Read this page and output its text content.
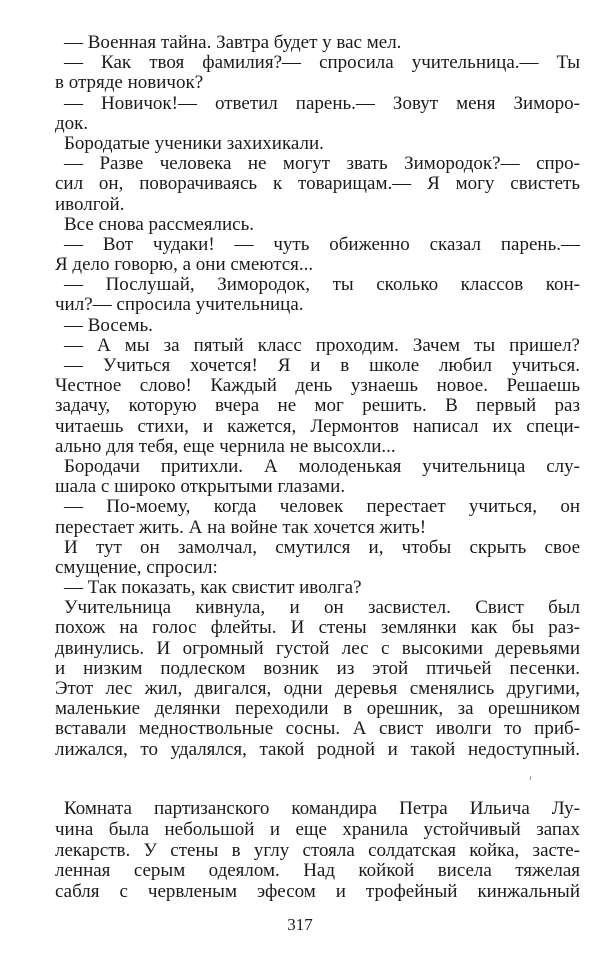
— Военная тайна. Завтра будет у вас мел.
— Как твоя фамилия?— спросила учительница.— Ты
в отряде новичок?
— Новичок!— ответил парень.— Зовут меня Зиморо-
док.
Бородатые ученики захихикали.
— Разве человека не могут звать Зимородок?— спро-
сил он, поворачиваясь к товарищам.— Я могу свистеть
иволгой.
Все снова рассмеялись.
— Вот чудаки! — чуть обиженно сказал парень.—
Я дело говорю, а они смеются...
— Послушай, Зимородок, ты сколько классов кон-
чил?— спросила учительница.
— Восемь.
— А мы за пятый класс проходим. Зачем ты пришел?
— Учиться хочется! Я и в школе любил учиться.
Честное слово! Каждый день узнаешь новое. Решаешь
задачу, которую вчера не мог решить. В первый раз
читаешь стихи, и кажется, Лермонтов написал их специ-
ально для тебя, еще чернила не высохли...
Бородачи притихли. А молоденькая учительница слу-
шала с широко открытыми глазами.
— По-моему, когда человек перестает учиться, он
перестает жить. А на войне так хочется жить!
И тут он замолчал, смутился и, чтобы скрыть свое
смущение, спросил:
— Так показать, как свистит иволга?
Учительница кивнула, и он засвистел. Свист был
похож на голос флейты. И стены землянки как бы раз-
двинулись. И огромный густой лес с высокими деревьями
и низким подлеском возник из этой птичьей песенки.
Этот лес жил, двигался, одни деревья сменялись другими,
маленькие делянки переходили в орешник, за орешником
вставали медноствольные сосны. А свист иволги то приб-
лижался, то удалялся, такой родной и такой недоступный.
Комната партизанского командира Петра Ильича Лу-
чина была небольшой и еще хранила устойчивый запах
лекарств. У стены в углу стояла солдатская койка, засте-
ленная серым одеялом. Над койкой висела тяжелая
сабля с червленым эфесом и трофейный кинжальный
317
